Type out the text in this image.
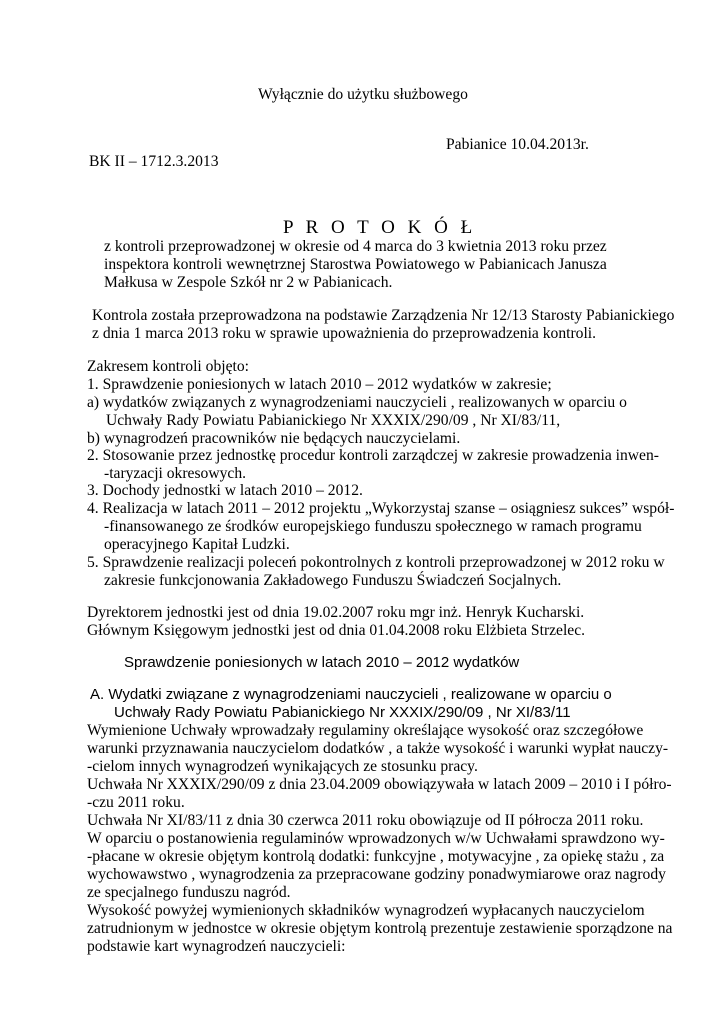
Wyłącznie do użytku służbowego
Pabianice 10.04.2013r.
BK II – 1712.3.2013
P R O T O K Ó Ł
z kontroli przeprowadzonej w okresie od 4 marca do 3 kwietnia 2013 roku przez
inspektora kontroli wewnętrznej Starostwa Powiatowego w Pabianicach Janusza
Małkusa w Zespole Szkół nr 2 w Pabianicach.
Kontrola została przeprowadzona na podstawie Zarządzenia Nr 12/13 Starosty Pabianickiego
z dnia 1 marca 2013 roku w sprawie upoważnienia do przeprowadzenia kontroli.
Zakresem kontroli objęto:
1. Sprawdzenie poniesionych w latach 2010 – 2012 wydatków w zakresie;
a) wydatków związanych z wynagrodzeniami nauczycieli , realizowanych w oparciu o
Uchwały Rady Powiatu Pabianickiego Nr XXXIX/290/09 , Nr XI/83/11,
b) wynagrodzeń pracowników nie będących nauczycielami.
2. Stosowanie przez jednostkę procedur kontroli zarządczej w zakresie prowadzenia inwen-
-taryzacji okresowych.
3. Dochody jednostki w latach 2010 – 2012.
4. Realizacja w latach 2011 – 2012 projektu „Wykorzystaj szanse – osiągniesz sukces” współ-
-finansowanego ze środków europejskiego funduszu społecznego w ramach programu
operacyjnego Kapitał Ludzki.
5. Sprawdzenie realizacji poleceń pokontrolnych z kontroli przeprowadzonej w 2012 roku w
zakresie funkcjonowania Zakładowego Funduszu Świadczeń Socjalnych.
Dyrektorem jednostki jest od dnia 19.02.2007 roku mgr inż. Henryk Kucharski.
Głównym Księgowym jednostki jest od dnia 01.04.2008 roku Elżbieta Strzelec.
Sprawdzenie poniesionych w latach 2010 – 2012 wydatków
A. Wydatki związane z wynagrodzeniami nauczycieli , realizowane w oparciu o
Uchwały Rady Powiatu Pabianickiego Nr XXXIX/290/09 , Nr XI/83/11
Wymienione Uchwały wprowadzały regulaminy określające wysokość oraz szczegółowe
warunki przyznawania nauczycielom dodatków , a także wysokość i warunki wypłat nauczy-
-cielom innych wynagrodzeń wynikających ze stosunku pracy.
Uchwała Nr XXXIX/290/09 z dnia 23.04.2009 obowiązywała w latach 2009 – 2010 i I półro-
-czu 2011 roku.
Uchwała Nr XI/83/11 z dnia 30 czerwca 2011 roku obowiązuje od II półrocza 2011 roku.
W oparciu o postanowienia regulaminów wprowadzonych w/w Uchwałami sprawdzono wy-
-płacane w okresie objętym kontrolą dodatki: funkcyjne , motywacyjne , za opiekę stażu , za
wychowawstwo , wynagrodzenia za przepracowane godziny ponadwymiarowe oraz nagrody
ze specjalnego funduszu nagród.
Wysokość powyżej wymienionych składników wynagrodzeń wypłacanych nauczycielom
zatrudnionym w jednostce w okresie objętym kontrolą prezentuje zestawienie sporządzone na
podstawie kart wynagrodzeń nauczycieli:
